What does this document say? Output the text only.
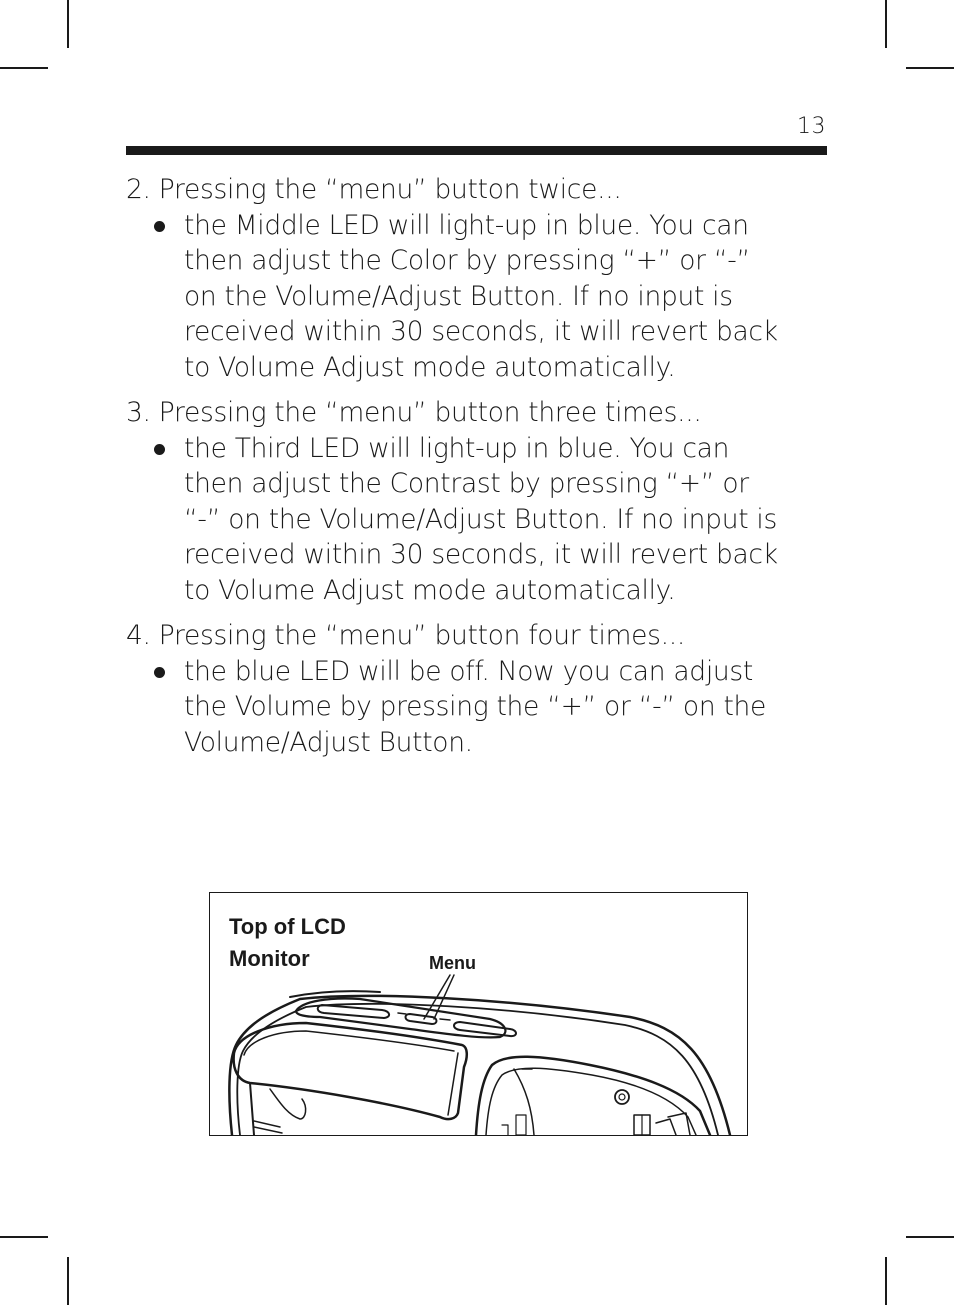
13
2. Pressing the “menu” button twice...
the Middle LED will light-up in blue. You can
then adjust the Color by pressing “+” or “-”
on the Volume/Adjust Button. If no input is
received within 30 seconds, it will revert back
to Volume Adjust mode automatically.
3. Pressing the “menu” button three times...
the Third LED will light-up in blue. You can
then adjust the Contrast by pressing “+” or
“-” on the Volume/Adjust Button. If no input is
received within 30 seconds, it will revert back
to Volume Adjust mode automatically.
4. Pressing the “menu” button four times...
the blue LED will be off. Now you can adjust
the Volume by pressing the “+” or “-” on the
Volume/Adjust Button.
Top of LCD
Monitor	Menu
